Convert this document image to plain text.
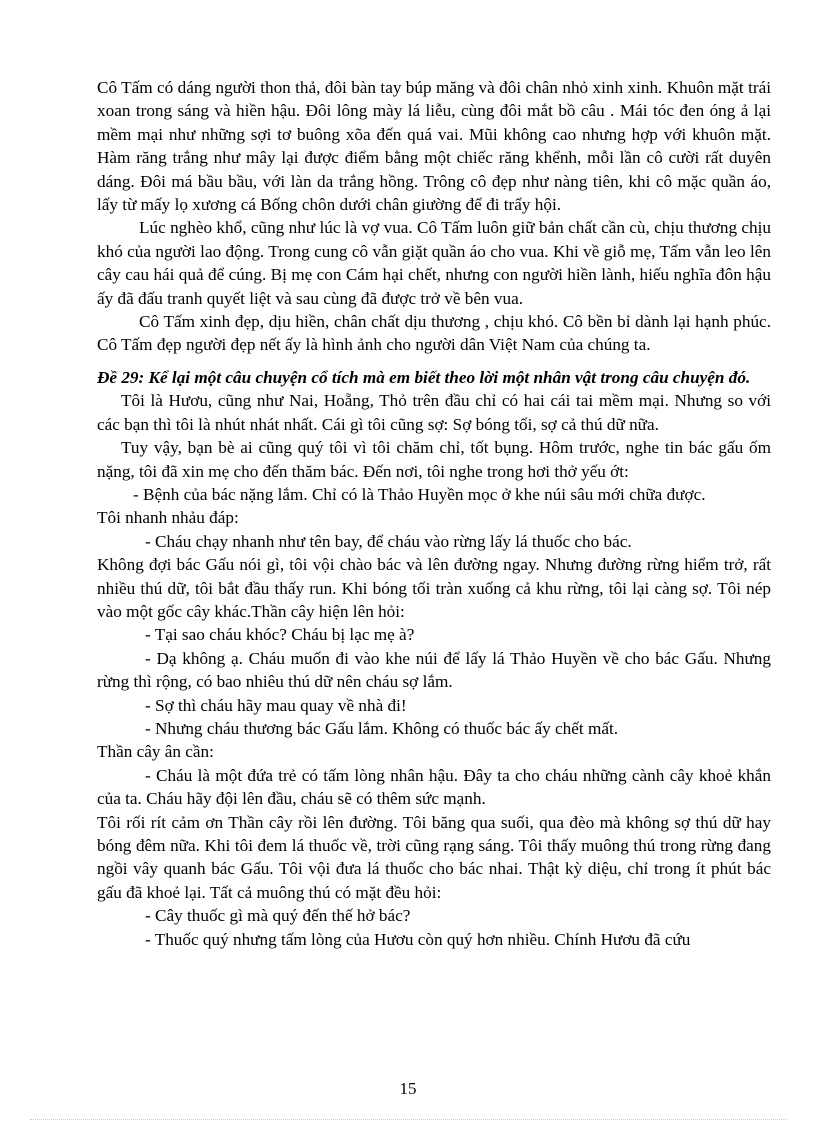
Cô Tấm có dáng người thon thả, đôi bàn tay búp măng và đôi chân nhỏ xinh xinh. Khuôn mặt trái xoan trong sáng và hiền hậu. Đôi lông mày lá liễu, cùng đôi mắt bồ câu . Mái tóc đen óng ả lại mềm mại như những sợi tơ buông xõa đến quá vai. Mũi không cao nhưng hợp với khuôn mặt. Hàm răng trắng như mây lại được điểm bằng một chiếc răng khểnh, mỗi lần cô cười rất duyên dáng. Đôi má bầu bầu, với làn da trắng hồng. Trông cô đẹp như nàng tiên, khi cô mặc quần áo, lấy từ mấy lọ xương cá Bống chôn dưới chân giường để đi trẩy hội.

Lúc nghèo khổ, cũng như lúc là vợ vua. Cô Tấm luôn giữ bản chất cần cù, chịu thương chịu khó của người lao động. Trong cung cô vẫn giặt quần áo cho vua. Khi về giỗ mẹ, Tấm vẫn leo lên cây cau hái quả để cúng. Bị mẹ con Cám hại chết, nhưng con người hiền lành, hiếu nghĩa đôn hậu ấy đã đấu tranh quyết liệt và sau cùng đã được trở về bên vua.

Cô Tấm xinh đẹp, dịu hiền, chân chất dịu thương , chịu khó. Cô bền bỉ dành lại hạnh phúc. Cô Tấm đẹp người đẹp nết ấy là hình ảnh cho người dân Việt Nam của chúng ta.

Đề 29: Kể lại một câu chuyện cổ tích mà em biết theo lời một nhân vật trong câu chuyện đó.

Tôi là Hươu, cũng như Nai, Hoẵng, Thỏ trên đầu chỉ có hai cái tai mềm mại. Nhưng so với các bạn thì tôi là nhút nhát nhất. Cái gì tôi cũng sợ: Sợ bóng tối, sợ cả thú dữ nữa.

Tuy vậy, bạn bè ai cũng quý tôi vì tôi chăm chỉ, tốt bụng. Hôm trước, nghe tin bác gấu ốm nặng, tôi đã xin mẹ cho đến thăm bác. Đến nơi, tôi nghe trong hơi thở yếu ớt:

- Bệnh của bác nặng lắm. Chỉ có là Thảo Huyền mọc ở khe núi sâu mới chữa được.

Tôi nhanh nhảu đáp:

- Cháu chạy nhanh như tên bay, để cháu vào rừng lấy lá thuốc cho bác.

Không đợi bác Gấu nói gì, tôi vội chào bác và lên đường ngay. Nhưng đường rừng hiểm trở, rất nhiều thú dữ, tôi bắt đầu thấy run. Khi bóng tối tràn xuống cả khu rừng, tôi lại càng sợ. Tôi nép vào một gốc cây khác.Thần cây hiện lên hỏi:

- Tại sao cháu khóc? Cháu bị lạc mẹ à?

- Dạ không ạ. Cháu muốn đi vào khe núi để lấy lá Thảo Huyền về cho bác Gấu. Nhưng rừng thì rộng, có bao nhiêu thú dữ nên cháu sợ lắm.

- Sợ thì cháu hãy mau quay về nhà đi!

- Nhưng cháu thương bác Gấu lắm. Không có thuốc bác ấy chết mất.

Thần cây ân cần:

- Cháu là một đứa trẻ có tấm lòng nhân hậu. Đây ta cho cháu những cành cây khoẻ khắn của ta. Cháu hãy đội lên đầu, cháu sẽ có thêm sức mạnh.

Tôi rối rít cảm ơn Thần cây rồi lên đường. Tôi băng qua suối, qua đèo mà không sợ thú dữ hay bóng đêm nữa. Khi tôi đem lá thuốc về, trời cũng rạng sáng. Tôi thấy muông thú trong rừng đang ngồi vây quanh bác Gấu. Tôi vội đưa lá thuốc cho bác nhai. Thật kỳ diệu, chỉ trong ít phút bác gấu đã khoẻ lại. Tất cả muông thú có mặt đều hỏi:

- Cây thuốc gì mà quý đến thế hở bác?

- Thuốc quý nhưng tấm lòng của Hươu còn quý hơn nhiều. Chính Hươu đã cứu

15
